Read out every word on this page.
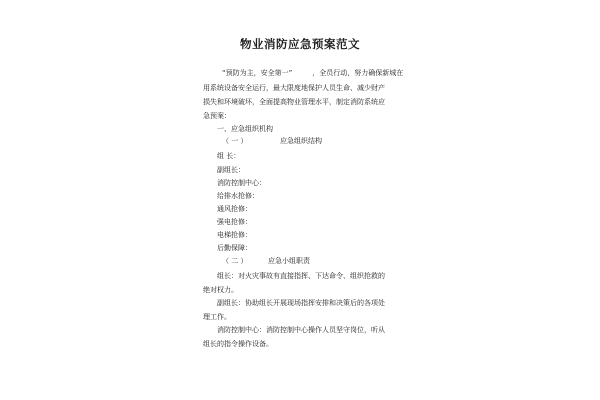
物业消防应急预案范文
“预防为主，安全第一”	，全员行动，努力确保新城在
用系统设备安全运行，最大限度地保护人员生命、减少财产
损失和环境破坏，全面提高物业管理水平，制定消防系统应
急预案：
一、应急组织机构
（ 一 ）	应急组织结构
组 长：
副组长：
消防控制中心：
给排水抢修：
通风抢修：
强电抢修：
电梯抢修：
后勤保障：
（ 二 ）	应急小组职责
组长：对火灾事故有直接指挥、下达命令、组织抢救的
绝对权力。
副组长：协助组长开展现场指挥安排和决策后的各项处
理工作。
消防控制中心：消防控制中心操作人员坚守岗位，听从
组长的指令操作设备。
